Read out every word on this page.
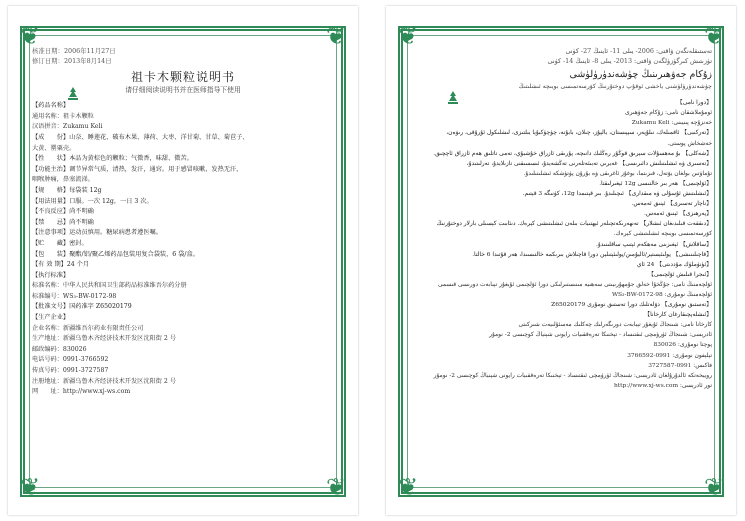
❦	❦
❦	❦
核准日期：2006年11月27日
修订日期：2013年8月14日
祖卡木颗粒说明书
请仔细阅读说明书并在医师指导下使用
【药品名称】
通用名称：祖卡木颗粒
汉语拼音：Zukamu Keli
【成　　份】山奈、睡莲花、破布木果、薄荷、大枣、洋甘菊、甘草、菊苣子、
大黄、罂粟壳。
【性　　状】本品为黄棕色的颗粒；气微香，味甜、微苦。
【功能主治】调节异常气质，清热，发汗，通窍。用于感冒咳嗽，发热无汗，
咽喉肿痛，鼻塞流涕。
【规　　格】每袋装 12g
【用法用量】口服。一次 12g，一日 3 次。
【不良反应】尚不明确
【禁　　忌】尚不明确
【注意事项】运动员慎用。糖尿病患者遵医嘱。
【贮　　藏】密封。
【包　　装】聚酯/铝/聚乙烯药品包装用复合袋装，6 袋/盒。
【有 效 期】24 个月
【执行标准】
标准名称：中华人民共和国卫生部药品标准维吾尔药分册
标准编号：WS₃-BW-0172-98
【批准文号】国药准字 Z65020179
【生产企业】
企业名称：新疆维吾尔药业有限责任公司
生产地址：新疆乌鲁木齐经济技术开发区沈阳街 2 号
邮政编码：830026
电话号码：0991-3766592
传真号码：0991-3727587
注册地址：新疆乌鲁木齐经济技术开发区沈阳街 2 号
网　　址：http://www.xj-ws.com
❦	❦
❦	❦
تەستىقلەنگەن ۋاقتى: 2006- يىلى 11- ئاينىڭ 27- كۈنى
تۈزىتىش كىرگۈزۈلگەن ۋاقتى: 2013- يىلى 8- ئاينىڭ 14- كۈنى
زۇكام جەۋھىرىنىڭ چۈشەندۈرۈلۈشى
چۈشەندۈرۈلۈشنى ياخشى ئوقۇپ دوختۇرنىڭ كۆرسەتمىسى بويىچە ئىشلىتىڭ
【دورا نامى】
ئومۇملاشقان نامى: زۇكام جەۋھىرى
خەنزۇچە پىنيىنى: Zukamu Keli
【تەركىبى】 ئاقمىلەك، نىلۇپەر، سېپىستان، يالپۇز، چىلان، بابۇنە، چۈچۈكبۇيا يىلتىزى، لىشلىكول ئۇرۇقى، رىۋەن،
خەشخاش پوستى.
【شەكلى】 بۇ مەھسۇلات سېرىق قوڭۇر رەڭلىك دانىچە، پۇرىقى ئازراق خۇشبۇي، تەمى تاتلىق ھەم ئازراق ئاچچىق.
【تەسىرى ۋە ئىشلىتىلىش دائىرىسى】 غەيرىي تەبىئەتلەرنى تەڭشەيدۇ، ئىسسىقنى تازىلايدۇ، تەرلىتىدۇ،
تۇماۋتىن بولغان يۆتەل، قىزىتما، بوغۇز ئاغرىقى ۋە بۇرۇن پۈتۈشكە ئىشلىتىلىدۇ.
【ئۆلچىمى】 ھەر بىر خالتىسى 12g ئېغىرلىقتا.
【ئىشلىتىش ئۇسۇلى ۋە مىقدارى】 ئىچىلىدۇ. بىر قېتىمدا 12g، كۈنىگە 3 قېتىم.
【ناچار تەسىرى】 ئېنىق ئەمەس.
【پەرھىزى】 ئېنىق ئەمەس.
【دىققەت قىلىدىغان ئىشلار】 تەنھەرىكەتچىلەر ئېھتىيات بىلەن ئىشلىتىشى كېرەك. دىئابىت كېسىلى بارلار دوختۇرنىڭ
كۆرسەتمىسى بويىچە ئىشلىتىشى كېرەك.
【ساقلاش】 ئېغىزىنى مەھكەم ئېتىپ ساقلىنىدۇ.
【قاچىلىنىشى】 پولىئېستېر/ئاليۇمىن/پولىئېتىلېن دورا قاچىلاش بىرىكمە خالتىسىدا، ھەر قۇتىدا 6 خالتا.
【ئۈنۈملۈك مۇددىتى】 24 ئاي
【ئىجرا قىلىش ئۆلچىمى】
ئۆلچەمنىڭ نامى: جۇڭخۇا خەلق جۇمھۇرىيىتى سەھىيە مىنىستىرلىكى دورا ئۆلچىمى ئۇيغۇر تېبابەت دورىسى قىسمى
ئۆلچەمنىڭ نومۇرى: WS₃-BW-0172-98
【تەستىق نومۇرى】 دۆلەتلىك دورا تەستىق نومۇرى Z65020179
【ئىشلەپچىقارغان كارخانا】
كارخانا نامى: شىنجاڭ ئۇيغۇر تېبابەت دورىگەرلىك چەكلىك مەسئۇلىيەت شىركىتى
ئادرېسى: شىنجاڭ ئۈرۈمچى ئىقتىساد - تېخنىكا تەرەققىيات رايونى شېنياڭ كوچىسى 2- نومۇر
پوچتا نومۇرى: 830026
تېلېفون نومۇرى: 0991-3766592
فاكىس: 0991-3727587
روييخەتكە ئالدۇرۇلغان ئادرېسى: شىنجاڭ ئۈرۈمچى ئىقتىساد - تېخنىكا تەرەققىيات رايونى شېنياڭ كوچىسى 2- نومۇر
تور ئادرېسى: http://www.xj-ws.com
